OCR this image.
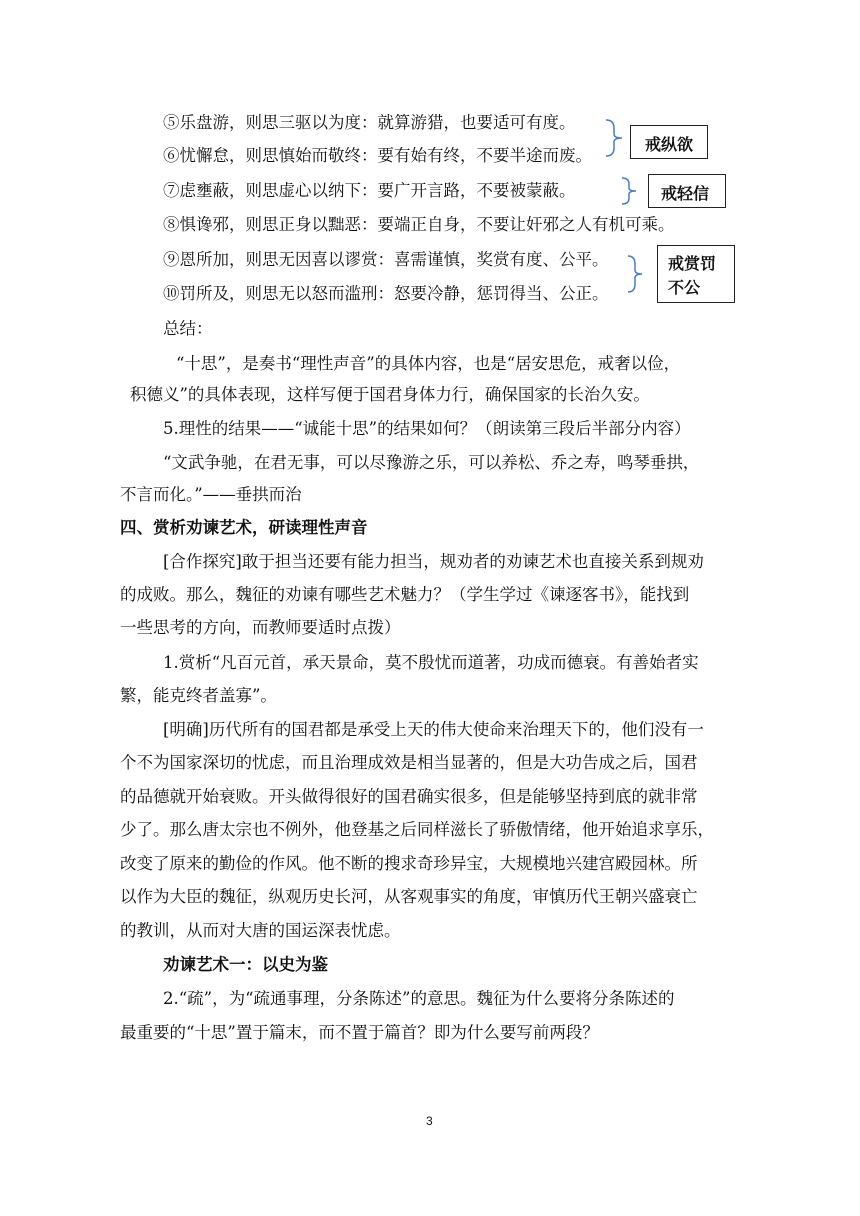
⑤乐盘游，则思三驱以为度：就算游猎，也要适可有度。
⑥忧懈怠，则思慎始而敬终：要有始有终，不要半途而废。
⑦虑壅蔽，则思虚心以纳下：要广开言路，不要被蒙蔽。
⑧惧谗邪，则思正身以黜恶：要端正自身，不要让奸邪之人有机可乘。
⑨恩所加，则思无因喜以谬赏：喜需谨慎，奖赏有度、公平。
⑩罚所及，则思无以怒而滥刑：怒要冷静，惩罚得当、公正。
戒纵欲
戒轻信
戒赏罚
不公
总结：
“十思”，是奏书“理性声音”的具体内容，也是“居安思危，戒奢以俭，
积德义”的具体表现，这样写便于国君身体力行，确保国家的长治久安。
5.理性的结果——“诚能十思”的结果如何？（朗读第三段后半部分内容）
“文武争驰，在君无事，可以尽豫游之乐，可以养松、乔之寿，鸣琴垂拱，
不言而化。”——垂拱而治
四、赏析劝谏艺术，研读理性声音
[合作探究]敢于担当还要有能力担当，规劝者的劝谏艺术也直接关系到规劝
的成败。那么，魏征的劝谏有哪些艺术魅力？（学生学过《谏逐客书》，能找到
一些思考的方向，而教师要适时点拨）
1.赏析“凡百元首，承天景命，莫不殷忧而道著，功成而德衰。有善始者实
繁，能克终者盖寡”。
[明确]历代所有的国君都是承受上天的伟大使命来治理天下的，他们没有一
个不为国家深切的忧虑，而且治理成效是相当显著的，但是大功告成之后，国君
的品德就开始衰败。开头做得很好的国君确实很多，但是能够坚持到底的就非常
少了。那么唐太宗也不例外，他登基之后同样滋长了骄傲情绪，他开始追求享乐，
改变了原来的勤俭的作风。他不断的搜求奇珍异宝，大规模地兴建宫殿园林。所
以作为大臣的魏征，纵观历史长河，从客观事实的角度，审慎历代王朝兴盛衰亡
的教训，从而对大唐的国运深表忧虑。
劝谏艺术一：以史为鉴
2.“疏”，为“疏通事理，分条陈述”的意思。魏征为什么要将分条陈述的
最重要的“十思”置于篇末，而不置于篇首？即为什么要写前两段？
3
